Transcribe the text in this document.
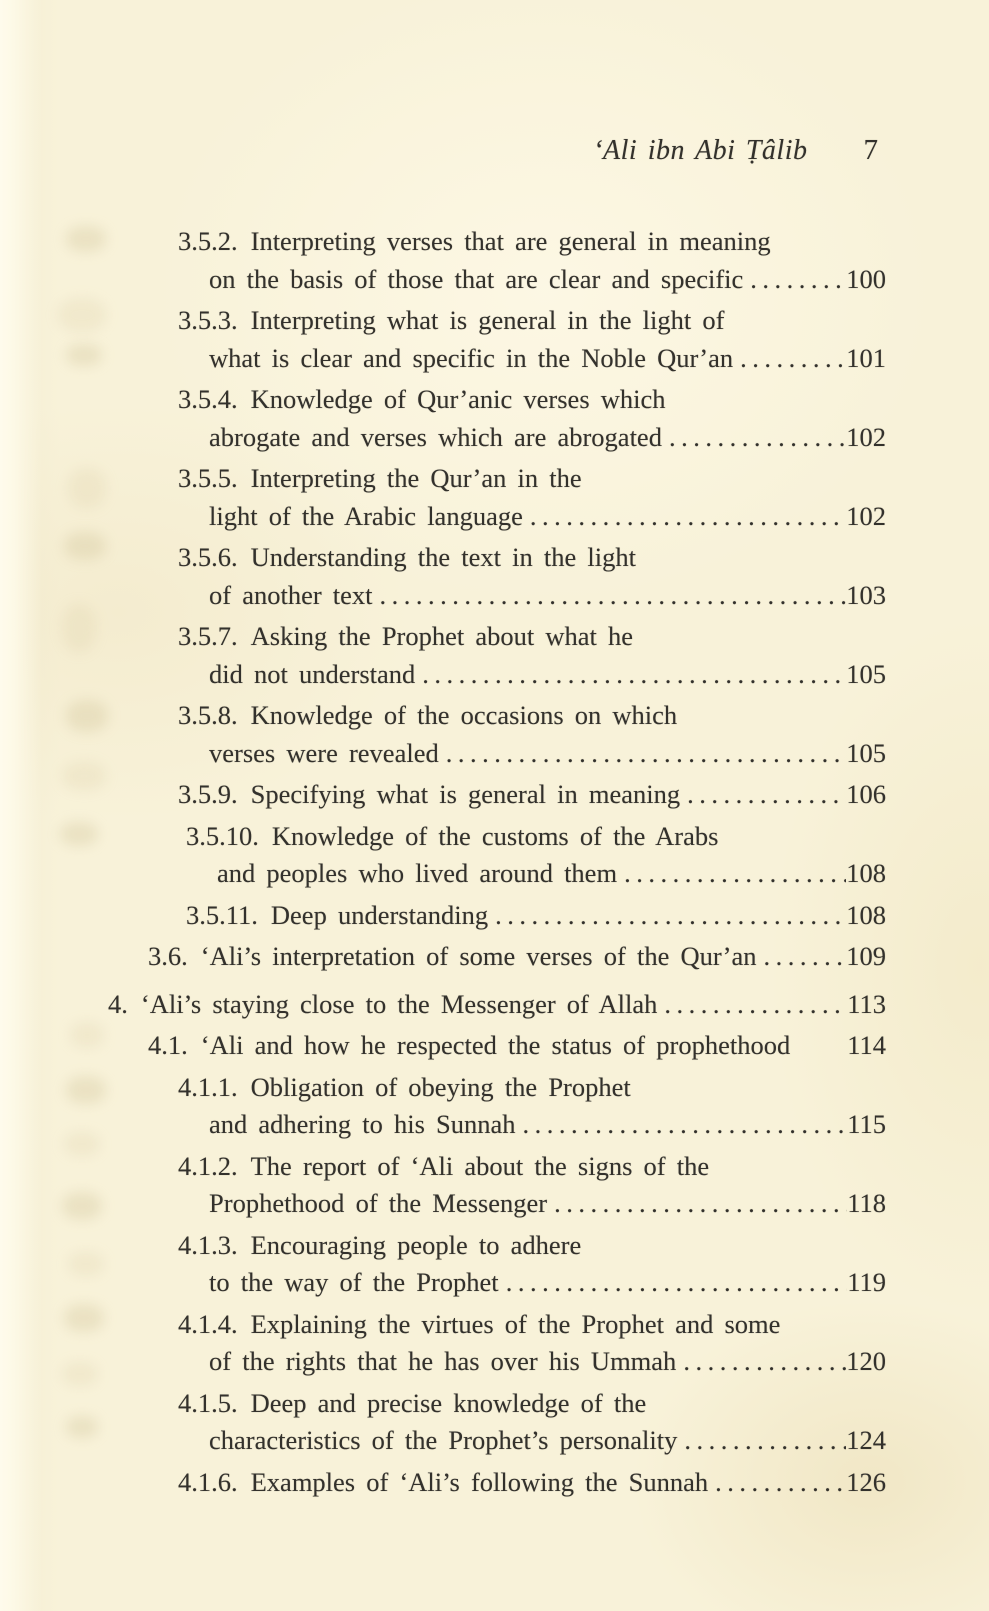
‘Ali ibn Abi Ṭâlib 7
3.5.2. Interpreting verses that are general in meaning
on the basis of those that are clear and specific .....	100
3.5.3. Interpreting what is general in the light of
what is clear and specific in the Noble Qur’an .....	101
3.5.4. Knowledge of Qur’anic verses which
abrogate and verses which are abrogated .....	102
3.5.5. Interpreting the Qur’an in the
light of the Arabic language .....	102
3.5.6. Understanding the text in the light
of another text .....	103
3.5.7. Asking the Prophet about what he
did not understand .....	105
3.5.8. Knowledge of the occasions on which
verses were revealed .....	105
3.5.9. Specifying what is general in meaning .....	106
3.5.10. Knowledge of the customs of the Arabs
and peoples who lived around them .....	108
3.5.11. Deep understanding .....	108
3.6. ‘Ali’s interpretation of some verses of the Qur’an .....	109
4. ‘Ali’s staying close to the Messenger of Allah .....	113
4.1. ‘Ali and how he respected the status of prophethood 114
4.1.1. Obligation of obeying the Prophet
and adhering to his Sunnah .....	115
4.1.2. The report of ‘Ali about the signs of the
Prophethood of the Messenger .....	118
4.1.3. Encouraging people to adhere
to the way of the Prophet .....	119
4.1.4. Explaining the virtues of the Prophet and some
of the rights that he has over his Ummah .....	120
4.1.5. Deep and precise knowledge of the
characteristics of the Prophet’s personality .....	124
4.1.6. Examples of ‘Ali’s following the Sunnah .....	126
